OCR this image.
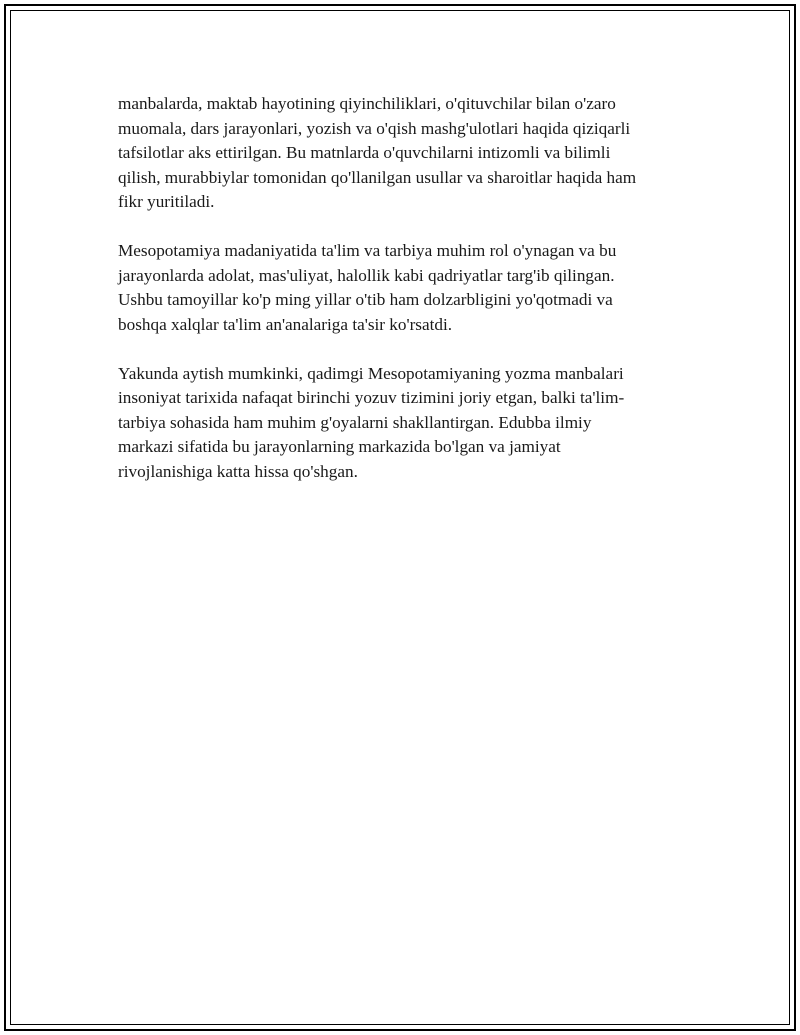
manbalarda, maktab hayotining qiyinchiliklari, o'qituvchilar bilan o'zaro
muomala, dars jarayonlari, yozish va o'qish mashg'ulotlari haqida qiziqarli
tafsilotlar aks ettirilgan. Bu matnlarda o'quvchilarni intizomli va bilimli
qilish, murabbiylar tomonidan qo'llanilgan usullar va sharoitlar haqida ham
fikr yuritiladi.

Mesopotamiya madaniyatida ta'lim va tarbiya muhim rol o'ynagan va bu
jarayonlarda adolat, mas'uliyat, halollik kabi qadriyatlar targ'ib qilingan.
Ushbu tamoyillar ko'p ming yillar o'tib ham dolzarbligini yo'qotmadi va
boshqa xalqlar ta'lim an'analariga ta'sir ko'rsatdi.

Yakunda aytish mumkinki, qadimgi Mesopotamiyaning yozma manbalari
insoniyat tarixida nafaqat birinchi yozuv tizimini joriy etgan, balki ta'lim-
tarbiya sohasida ham muhim g'oyalarni shakllantirgan. Edubba ilmiy
markazi sifatida bu jarayonlarning markazida bo'lgan va jamiyat
rivojlanishiga katta hissa qo'shgan.
